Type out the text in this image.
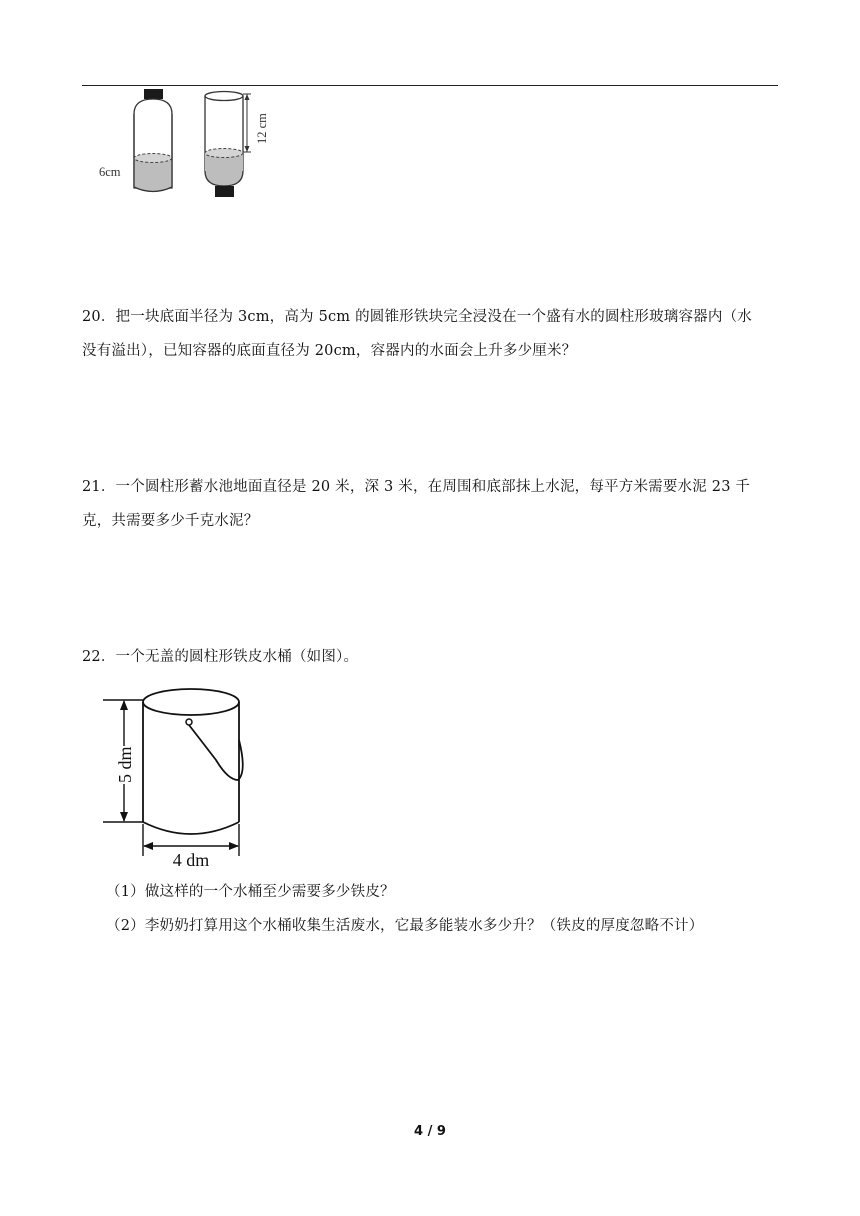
6cm
12 cm
20．把一块底面半径为 3cm，高为 5cm 的圆锥形铁块完全浸没在一个盛有水的圆柱形玻璃容器内（水
没有溢出），已知容器的底面直径为 20cm，容器内的水面会上升多少厘米？
21．一个圆柱形蓄水池地面直径是 20 米，深 3 米，在周围和底部抹上水泥，每平方米需要水泥 23 千
克，共需要多少千克水泥？
22．一个无盖的圆柱形铁皮水桶（如图）。
5 dm
4 dm
（1）做这样的一个水桶至少需要多少铁皮？
（2）李奶奶打算用这个水桶收集生活废水，它最多能装水多少升？（铁皮的厚度忽略不计）
4 / 9
